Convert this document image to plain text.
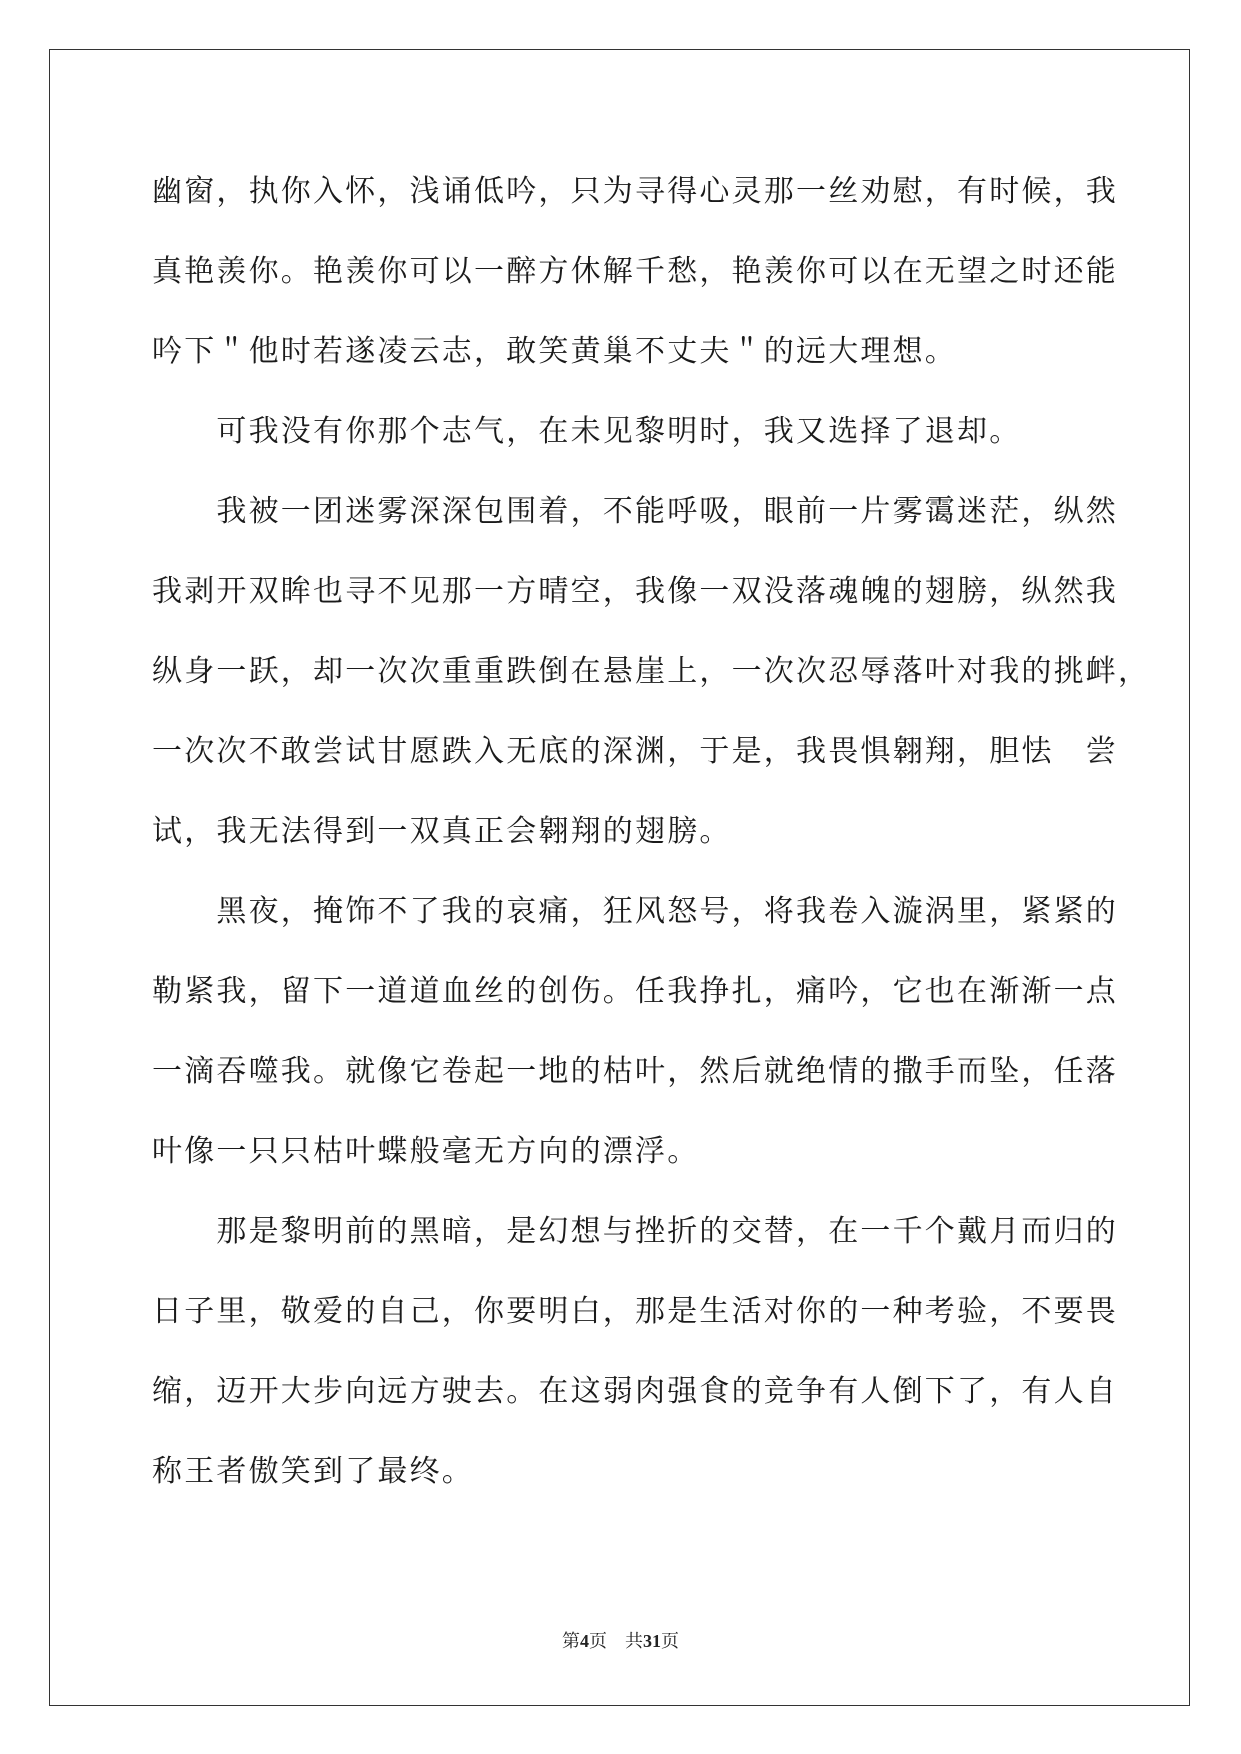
幽窗，执你入怀，浅诵低吟，只为寻得心灵那一丝劝慰，有时候，我
真艳羡你。艳羡你可以一醉方休解千愁，艳羡你可以在无望之时还能
吟下＂他时若遂凌云志，敢笑黄巢不丈夫＂的远大理想。
　　可我没有你那个志气，在未见黎明时，我又选择了退却。
　　我被一团迷雾深深包围着，不能呼吸，眼前一片雾霭迷茫，纵然
我剥开双眸也寻不见那一方晴空，我像一双没落魂魄的翅膀，纵然我
纵身一跃，却一次次重重跌倒在悬崖上，一次次忍辱落叶对我的挑衅，
一次次不敢尝试甘愿跌入无底的深渊，于是，我畏惧翱翔，胆怯　尝
试，我无法得到一双真正会翱翔的翅膀。
　　黑夜，掩饰不了我的哀痛，狂风怒号，将我卷入漩涡里，紧紧的
勒紧我，留下一道道血丝的创伤。任我挣扎，痛吟，它也在渐渐一点
一滴吞噬我。就像它卷起一地的枯叶，然后就绝情的撒手而坠，任落
叶像一只只枯叶蝶般毫无方向的漂浮。
　　那是黎明前的黑暗，是幻想与挫折的交替，在一千个戴月而归的
日子里，敬爱的自己，你要明白，那是生活对你的一种考验，不要畏
缩，迈开大步向远方驶去。在这弱肉强食的竞争有人倒下了，有人自
称王者傲笑到了最终。
第4页　共31页
